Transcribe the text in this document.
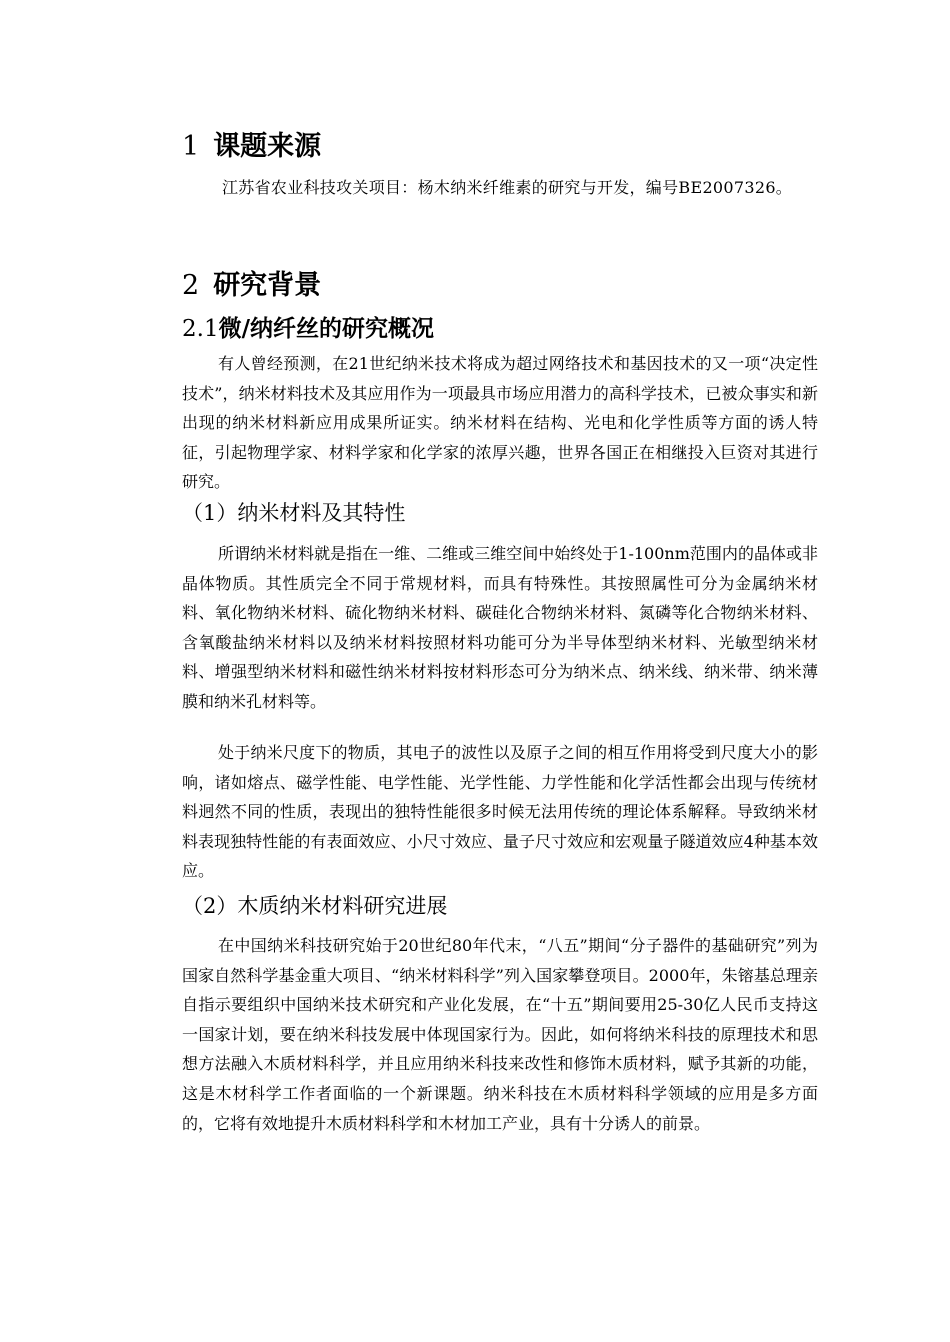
1 课题来源

江苏省农业科技攻关项目：杨木纳米纤维素的研究与开发，编号BE2007326。

2 研究背景
2.1微/纳纤丝的研究概况

有人曾经预测，在21世纪纳米技术将成为超过网络技术和基因技术的又一项“决定性技术”，纳米材料技术及其应用作为一项最具市场应用潜力的高科学技术，已被众事实和新出现的纳米材料新应用成果所证实。纳米材料在结构、光电和化学性质等方面的诱人特征，引起物理学家、材料学家和化学家的浓厚兴趣，世界各国正在相继投入巨资对其进行研究。

（1）纳米材料及其特性

所谓纳米材料就是指在一维、二维或三维空间中始终处于1-100nm范围内的晶体或非晶体物质。其性质完全不同于常规材料，而具有特殊性。其按照属性可分为金属纳米材料、氧化物纳米材料、硫化物纳米材料、碳硅化合物纳米材料、氮磷等化合物纳米材料、含氧酸盐纳米材料以及纳米材料按照材料功能可分为半导体型纳米材料、光敏型纳米材料、增强型纳米材料和磁性纳米材料按材料形态可分为纳米点、纳米线、纳米带、纳米薄膜和纳米孔材料等。

处于纳米尺度下的物质，其电子的波性以及原子之间的相互作用将受到尺度大小的影响，诸如熔点、磁学性能、电学性能、光学性能、力学性能和化学活性都会出现与传统材料迥然不同的性质，表现出的独特性能很多时候无法用传统的理论体系解释。导致纳米材料表现独特性能的有表面效应、小尺寸效应、量子尺寸效应和宏观量子隧道效应4种基本效应。

（2）木质纳米材料研究进展

在中国纳米科技研究始于20世纪80年代末，“八五”期间“分子器件的基础研究”列为国家自然科学基金重大项目、“纳米材料科学”列入国家攀登项目。2000年，朱镕基总理亲自指示要组织中国纳米技术研究和产业化发展，在“十五”期间要用25-30亿人民币支持这一国家计划，要在纳米科技发展中体现国家行为。因此，如何将纳米科技的原理技术和思想方法融入木质材料科学，并且应用纳米科技来改性和修饰木质材料，赋予其新的功能，这是木材科学工作者面临的一个新课题。纳米科技在木质材料科学领域的应用是多方面的，它将有效地提升木质材料科学和木材加工产业，具有十分诱人的前景。
